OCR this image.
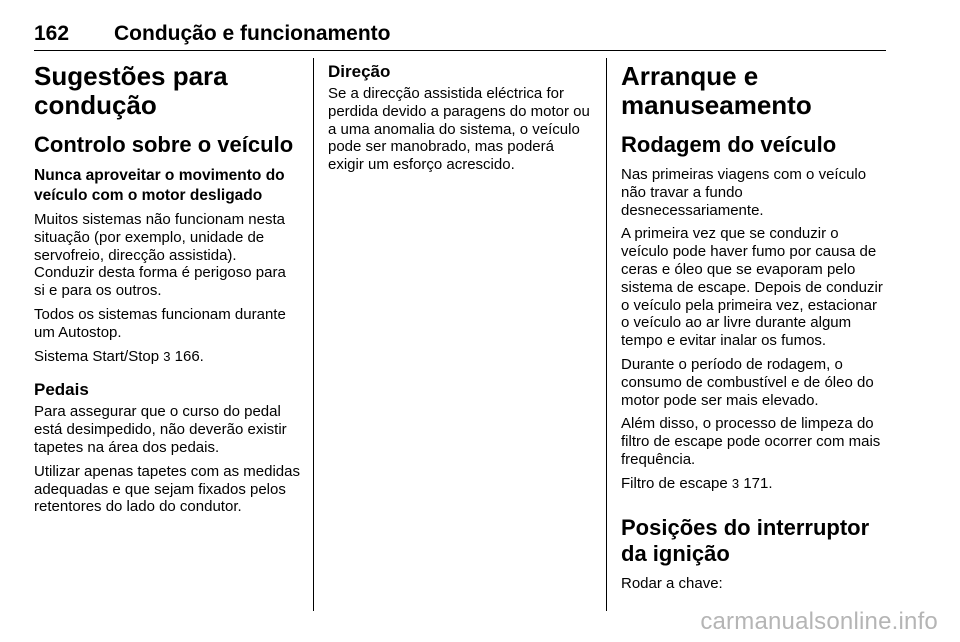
162 Condução e funcionamento
Sugestões para condução
Controlo sobre o veículo
Nunca aproveitar o movimento do veículo com o motor desligado

Muitos sistemas não funcionam nesta situação (por exemplo, unidade de servofreio, direcção assistida). Conduzir desta forma é perigoso para si e para os outros.

Todos os sistemas funcionam durante um Autostop.

Sistema Start/Stop 3 166.

Pedais

Para assegurar que o curso do pedal está desimpedido, não deverão existir tapetes na área dos pedais.

Utilizar apenas tapetes com as medidas adequadas e que sejam fixados pelos retentores do lado do condutor.

Direção

Se a direcção assistida eléctrica for perdida devido a paragens do motor ou a uma anomalia do sistema, o veículo pode ser manobrado, mas poderá exigir um esforço acrescido.

Arranque e manuseamento
Rodagem do veículo

Nas primeiras viagens com o veículo não travar a fundo desnecessariamente.

A primeira vez que se conduzir o veículo pode haver fumo por causa de ceras e óleo que se evaporam pelo sistema de escape. Depois de conduzir o veículo pela primeira vez, estacionar o veículo ao ar livre durante algum tempo e evitar inalar os fumos.

Durante o período de rodagem, o consumo de combustível e de óleo do motor pode ser mais elevado.

Além disso, o processo de limpeza do filtro de escape pode ocorrer com mais frequência.

Filtro de escape 3 171.

Posições do interruptor da ignição

Rodar a chave:

carmanualsonline.info
